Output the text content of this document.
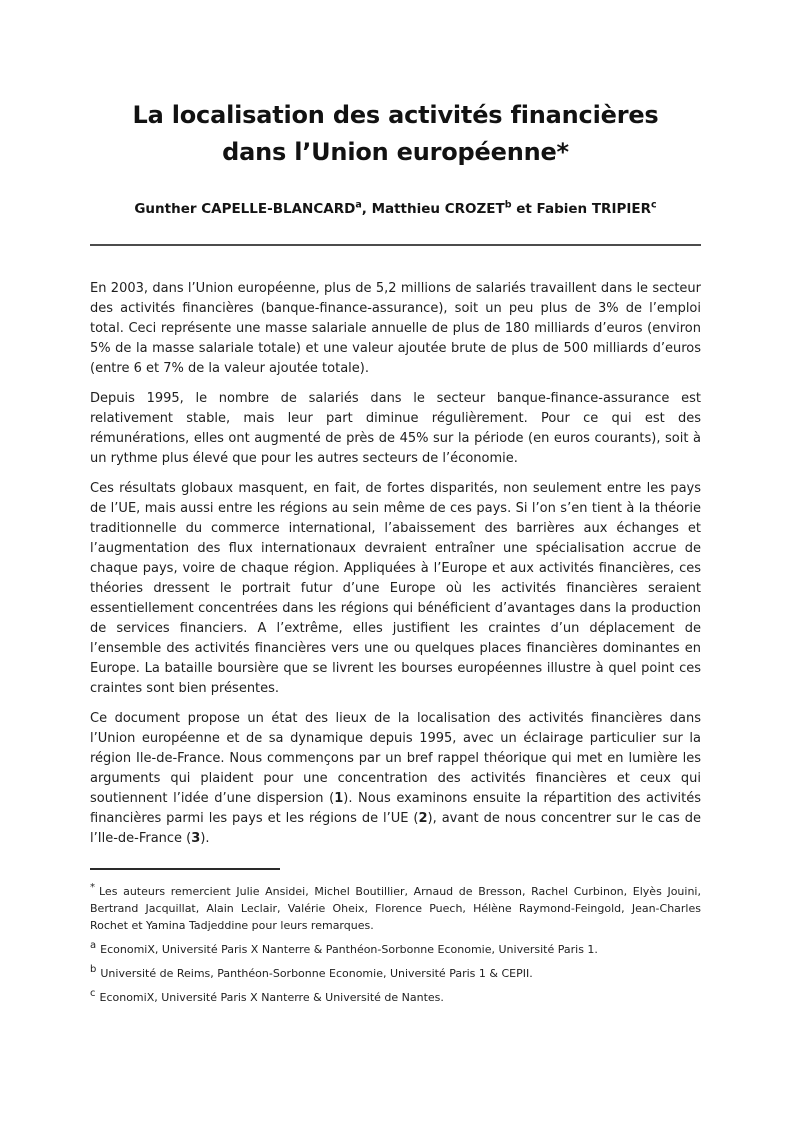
La localisation des activités financières
dans l’Union européenne*
Gunther CAPELLE-BLANCARD$^a$, Matthieu CROZET$^b$ et Fabien TRIPIER$^c$

En 2003, dans l’Union européenne, plus de 5,2 millions de salariés travaillent dans le secteur des activités financières (banque-finance-assurance), soit un peu plus de 3% de l’emploi total. Ceci représente une masse salariale annuelle de plus de 180 milliards d’euros (environ 5% de la masse salariale totale) et une valeur ajoutée brute de plus de 500 milliards d’euros (entre 6 et 7% de la valeur ajoutée totale).

Depuis 1995, le nombre de salariés dans le secteur banque-finance-assurance est relativement stable, mais leur part diminue régulièrement. Pour ce qui est des rémunérations, elles ont augmenté de près de 45% sur la période (en euros courants), soit à un rythme plus élevé que pour les autres secteurs de l’économie.

Ces résultats globaux masquent, en fait, de fortes disparités, non seulement entre les pays de l’UE, mais aussi entre les régions au sein même de ces pays. Si l’on s’en tient à la théorie traditionnelle du commerce international, l’abaissement des barrières aux échanges et l’augmentation des flux internationaux devraient entraîner une spécialisation accrue de chaque pays, voire de chaque région. Appliquées à l’Europe et aux activités financières, ces théories dressent le portrait futur d’une Europe où les activités financières seraient essentiellement concentrées dans les régions qui bénéficient d’avantages dans la production de services financiers. A l’extrême, elles justifient les craintes d’un déplacement de l’ensemble des activités financières vers une ou quelques places financières dominantes en Europe. La bataille boursière que se livrent les bourses européennes illustre à quel point ces craintes sont bien présentes.

Ce document propose un état des lieux de la localisation des activités financières dans l’Union européenne et de sa dynamique depuis 1995, avec un éclairage particulier sur la région Ile-de-France. Nous commençons par un bref rappel théorique qui met en lumière les arguments qui plaident pour une concentration des activités financières et ceux qui soutiennent l’idée d’une dispersion (1). Nous examinons ensuite la répartition des activités financières parmi les pays et les régions de l’UE (2), avant de nous concentrer sur le cas de l’Ile-de-France (3).

* Les auteurs remercient Julie Ansidei, Michel Boutillier, Arnaud de Bresson, Rachel Curbinon, Elyès Jouini, Bertrand Jacquillat, Alain Leclair, Valérie Oheix, Florence Puech, Hélène Raymond-Feingold, Jean-Charles Rochet et Yamina Tadjeddine pour leurs remarques.

$^a$ EconomiX, Université Paris X Nanterre & Panthéon-Sorbonne Economie, Université Paris 1.

$^b$ Université de Reims, Panthéon-Sorbonne Economie, Université Paris 1 & CEPII.

$^c$ EconomiX, Université Paris X Nanterre & Université de Nantes.
